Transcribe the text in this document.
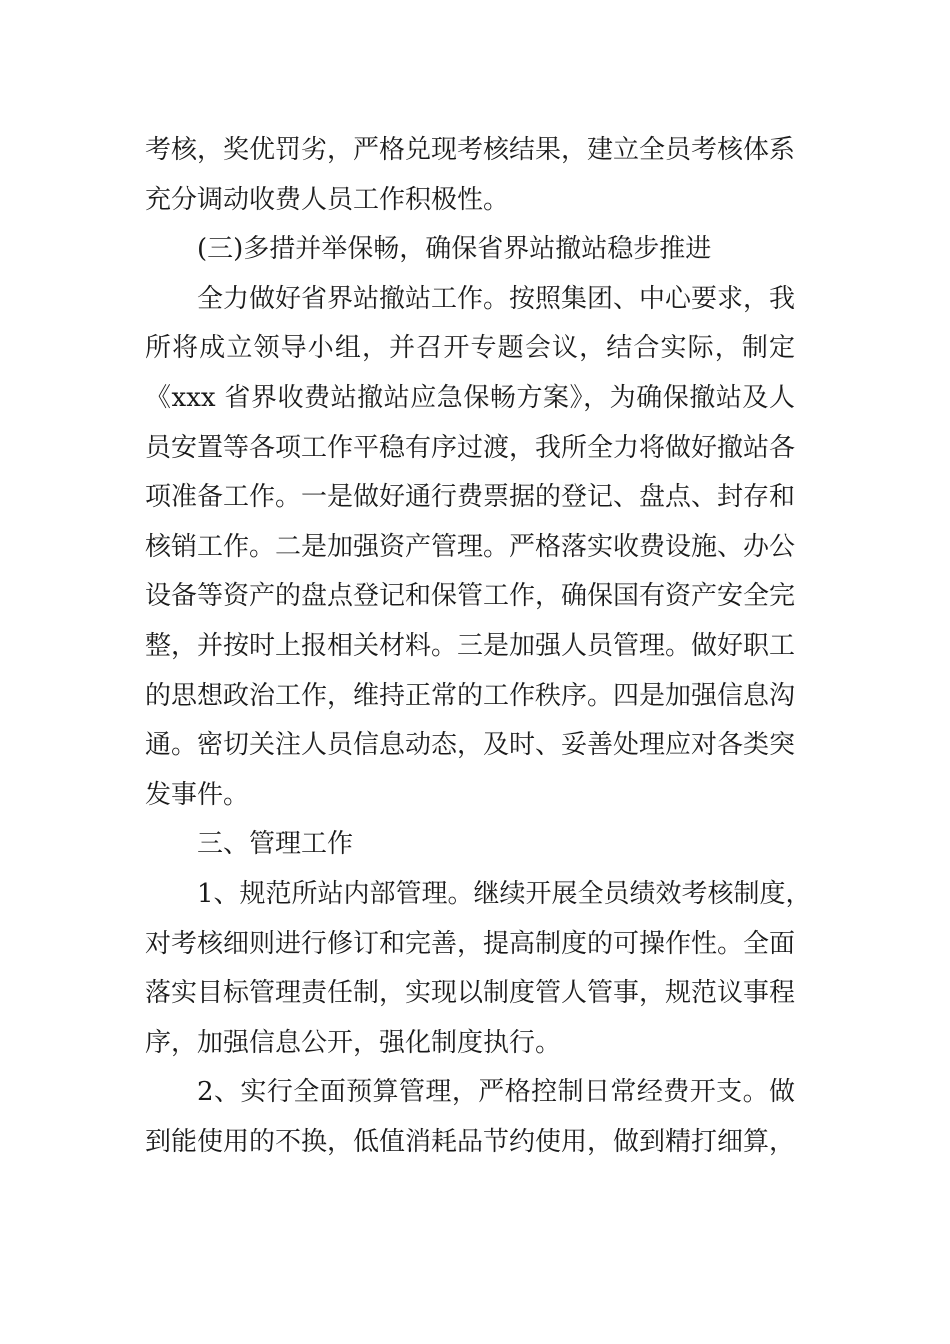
考核，奖优罚劣，严格兑现考核结果，建立全员考核体系
充分调动收费人员工作积极性。
(三)多措并举保畅，确保省界站撤站稳步推进
全力做好省界站撤站工作。按照集团、中心要求，我
所将成立领导小组，并召开专题会议，结合实际，制定
《xxx 省界收费站撤站应急保畅方案》，为确保撤站及人
员安置等各项工作平稳有序过渡，我所全力将做好撤站各
项准备工作。一是做好通行费票据的登记、盘点、封存和
核销工作。二是加强资产管理。严格落实收费设施、办公
设备等资产的盘点登记和保管工作，确保国有资产安全完
整，并按时上报相关材料。三是加强人员管理。做好职工
的思想政治工作，维持正常的工作秩序。四是加强信息沟
通。密切关注人员信息动态，及时、妥善处理应对各类突
发事件。
三、管理工作
1、规范所站内部管理。继续开展全员绩效考核制度，
对考核细则进行修订和完善，提高制度的可操作性。全面
落实目标管理责任制，实现以制度管人管事，规范议事程
序，加强信息公开，强化制度执行。
2、实行全面预算管理，严格控制日常经费开支。做
到能使用的不换，低值消耗品节约使用，做到精打细算，
